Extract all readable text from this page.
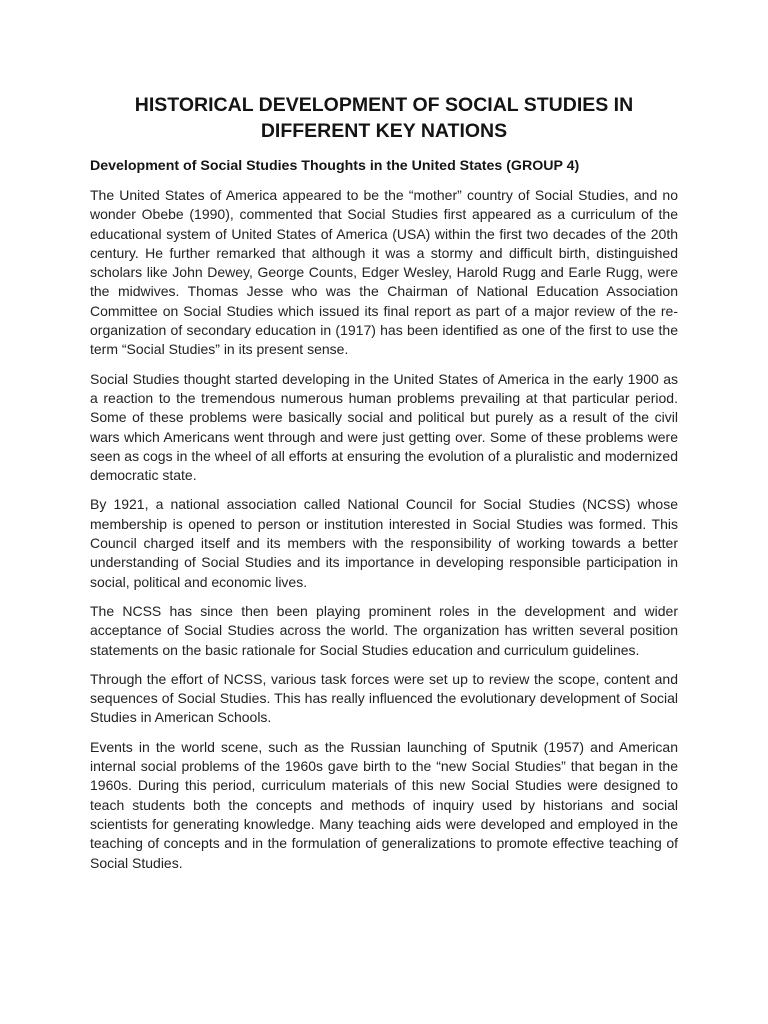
HISTORICAL DEVELOPMENT OF SOCIAL STUDIES IN DIFFERENT KEY NATIONS
Development of Social Studies Thoughts in the United States (GROUP 4)

The United States of America appeared to be the “mother” country of Social Studies, and no wonder Obebe (1990), commented that Social Studies first appeared as a curriculum of the educational system of United States of America (USA) within the first two decades of the 20th century. He further remarked that although it was a stormy and difficult birth, distinguished scholars like John Dewey, George Counts, Edger Wesley, Harold Rugg and Earle Rugg, were the midwives. Thomas Jesse who was the Chairman of National Education Association Committee on Social Studies which issued its final report as part of a major review of the re-organization of secondary education in (1917) has been identified as one of the first to use the term “Social Studies” in its present sense.

Social Studies thought started developing in the United States of America in the early 1900 as a reaction to the tremendous numerous human problems prevailing at that particular period. Some of these problems were basically social and political but purely as a result of the civil wars which Americans went through and were just getting over. Some of these problems were seen as cogs in the wheel of all efforts at ensuring the evolution of a pluralistic and modernized democratic state.

By 1921, a national association called National Council for Social Studies (NCSS) whose membership is opened to person or institution interested in Social Studies was formed. This Council charged itself and its members with the responsibility of working towards a better understanding of Social Studies and its importance in developing responsible participation in social, political and economic lives.

The NCSS has since then been playing prominent roles in the development and wider acceptance of Social Studies across the world. The organization has written several position statements on the basic rationale for Social Studies education and curriculum guidelines.

Through the effort of NCSS, various task forces were set up to review the scope, content and sequences of Social Studies. This has really influenced the evolutionary development of Social Studies in American Schools.

Events in the world scene, such as the Russian launching of Sputnik (1957) and American internal social problems of the 1960s gave birth to the “new Social Studies” that began in the 1960s. During this period, curriculum materials of this new Social Studies were designed to teach students both the concepts and methods of inquiry used by historians and social scientists for generating knowledge. Many teaching aids were developed and employed in the teaching of concepts and in the formulation of generalizations to promote effective teaching of Social Studies.
